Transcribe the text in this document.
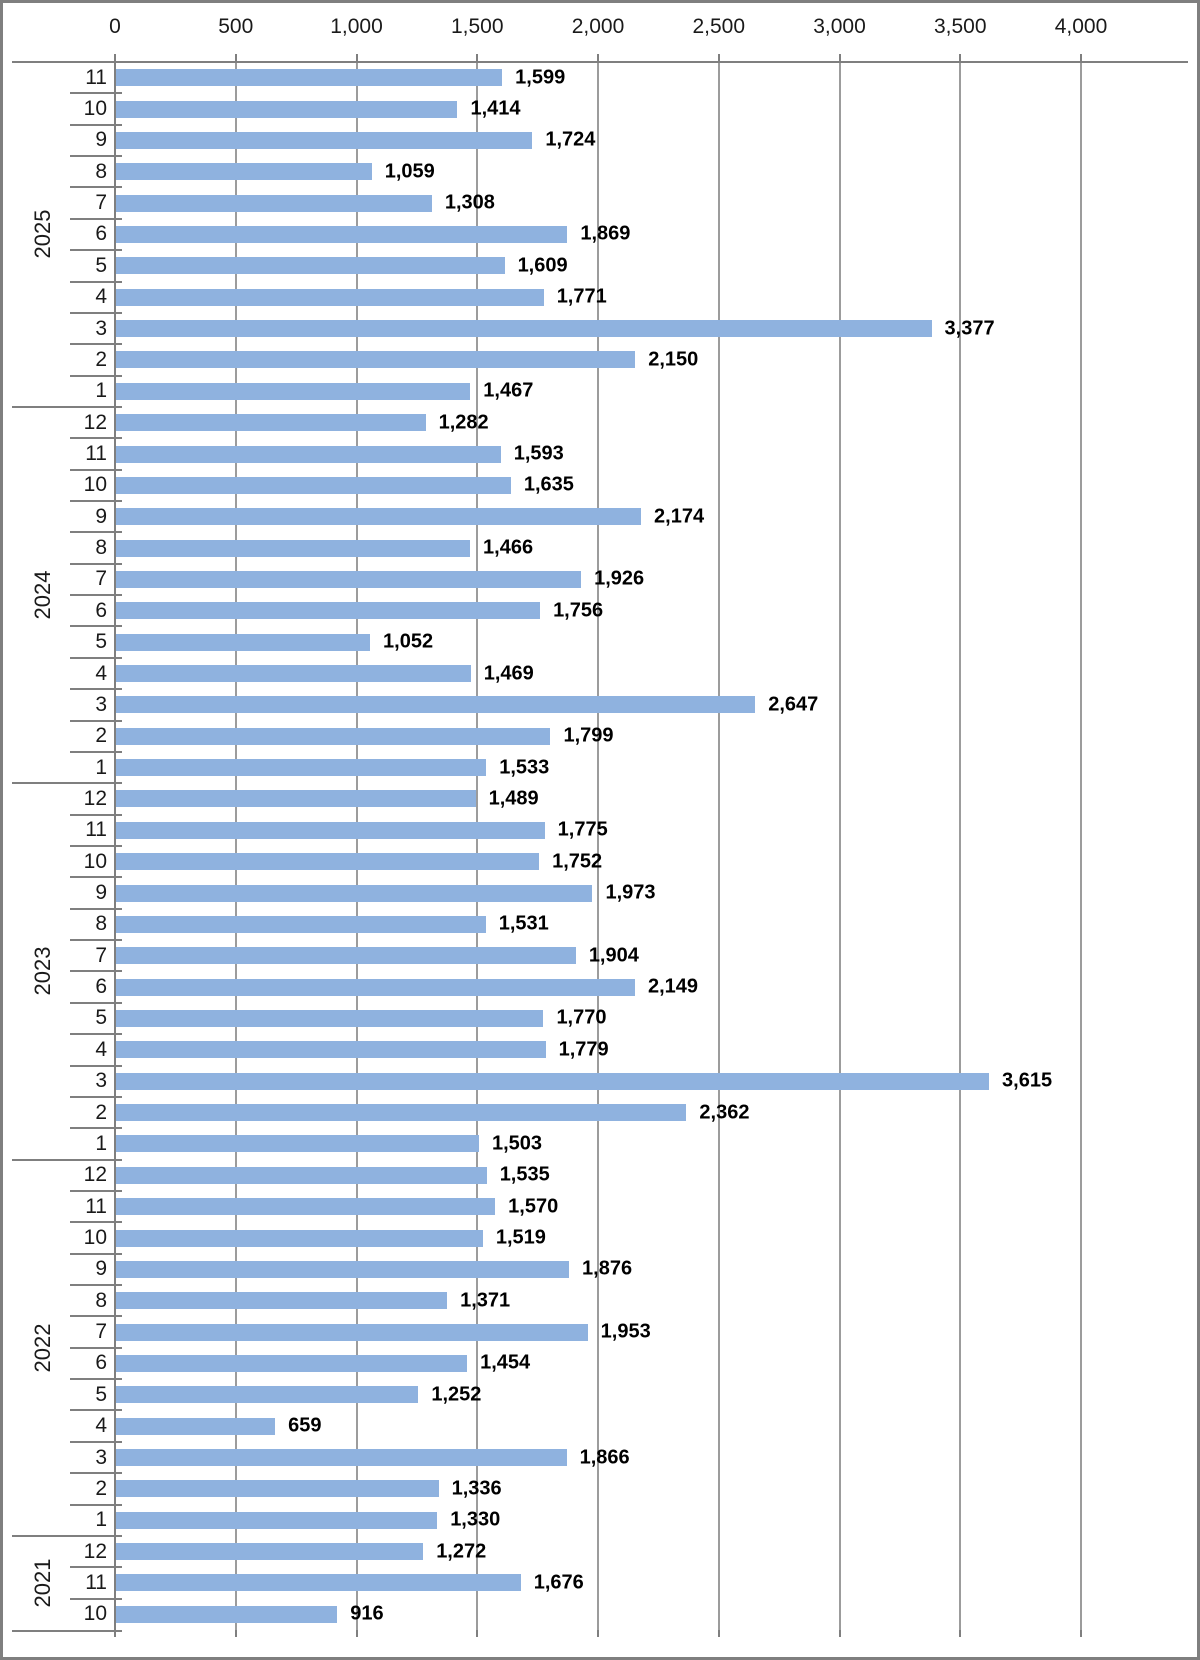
0	500	1,000	1,500	2,000	2,500	3,000	3,500	4,000
2025
11	1,599
10	1,414
9	1,724
8	1,059
7	1,308
6	1,869
5	1,609
4	1,771
3	3,377
2	2,150
1	1,467
2024
12	1,282
11	1,593
10	1,635
9	2,174
8	1,466
7	1,926
6	1,756
5	1,052
4	1,469
3	2,647
2	1,799
1	1,533
2023
12	1,489
11	1,775
10	1,752
9	1,973
8	1,531
7	1,904
6	2,149
5	1,770
4	1,779
3	3,615
2	2,362
1	1,503
2022
12	1,535
11	1,570
10	1,519
9	1,876
8	1,371
7	1,953
6	1,454
5	1,252
4	659
3	1,866
2	1,336
1	1,330
2021
12	1,272
11	1,676
10	916
